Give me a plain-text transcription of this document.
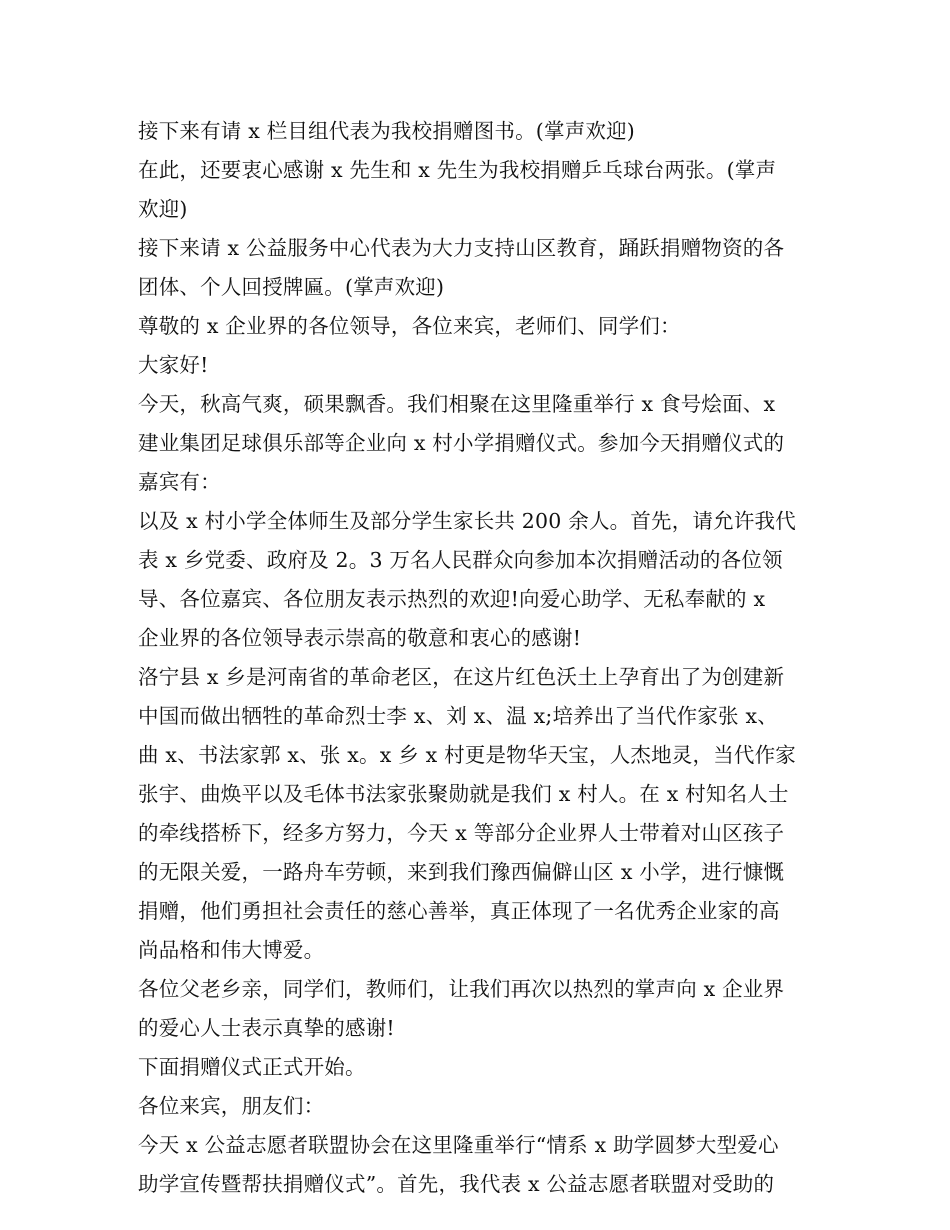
接下来有请 x 栏目组代表为我校捐赠图书。(掌声欢迎)
在此，还要衷心感谢 x 先生和 x 先生为我校捐赠乒乓球台两张。(掌声
欢迎)
接下来请 x 公益服务中心代表为大力支持山区教育，踊跃捐赠物资的各
团体、个人回授牌匾。(掌声欢迎)
尊敬的 x 企业界的各位领导，各位来宾，老师们、同学们：
大家好!
今天，秋高气爽，硕果飘香。我们相聚在这里隆重举行 x 食号烩面、x
建业集团足球俱乐部等企业向 x 村小学捐赠仪式。参加今天捐赠仪式的
嘉宾有：
以及 x 村小学全体师生及部分学生家长共 200 余人。首先，请允许我代
表 x 乡党委、政府及 2。3 万名人民群众向参加本次捐赠活动的各位领
导、各位嘉宾、各位朋友表示热烈的欢迎!向爱心助学、无私奉献的 x
企业界的各位领导表示崇高的敬意和衷心的感谢!
洛宁县 x 乡是河南省的革命老区，在这片红色沃土上孕育出了为创建新
中国而做出牺牲的革命烈士李 x、刘 x、温 x;培养出了当代作家张 x、
曲 x、书法家郭 x、张 x。x 乡 x 村更是物华天宝，人杰地灵，当代作家
张宇、曲焕平以及毛体书法家张聚勋就是我们 x 村人。在 x 村知名人士
的牵线搭桥下，经多方努力，今天 x 等部分企业界人士带着对山区孩子
的无限关爱，一路舟车劳顿，来到我们豫西偏僻山区 x 小学，进行慷慨
捐赠，他们勇担社会责任的慈心善举，真正体现了一名优秀企业家的高
尚品格和伟大博爱。
各位父老乡亲，同学们，教师们，让我们再次以热烈的掌声向 x 企业界
的爱心人士表示真挚的感谢!
下面捐赠仪式正式开始。
各位来宾，朋友们：
今天 x 公益志愿者联盟协会在这里隆重举行“情系 x 助学圆梦大型爱心
助学宣传暨帮扶捐赠仪式”。首先，我代表 x 公益志愿者联盟对受助的
